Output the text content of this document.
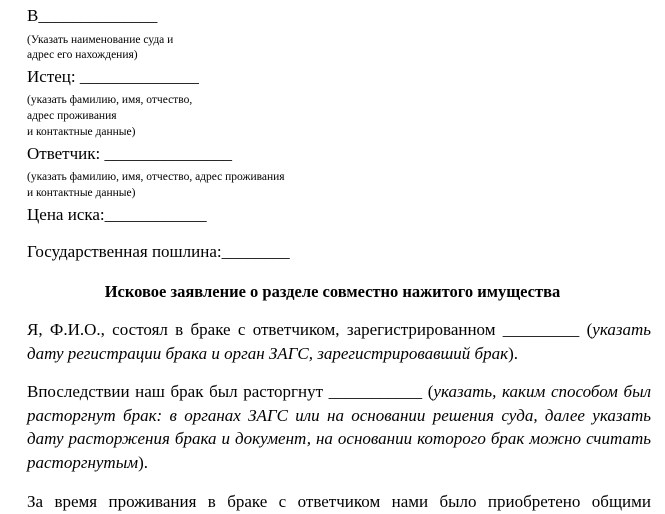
В______________
(Указать наименование суда и
адрес его нахождения)
Истец: ______________
(указать фамилию, имя, отчество,
адрес проживания
и контактные данные)
Ответчик: _______________
(указать фамилию, имя, отчество, адрес проживания
и контактные данные)
Цена иска:____________
Государственная пошлина:________
Исковое заявление о разделе совместно нажитого имущества
Я, Ф.И.О., состоял в браке с ответчиком, зарегистрированном _________ (указать дату регистрации брака и орган ЗАГС, зарегистрировавший брак).
Впоследствии наш брак был расторгнут ___________ (указать, каким способом был расторгнут брак: в органах ЗАГС или на основании решения суда, далее указать дату расторжения брака и документ, на основании которого брак можно считать расторгнутым).
За время проживания в браке с ответчиком нами было приобретено общими
